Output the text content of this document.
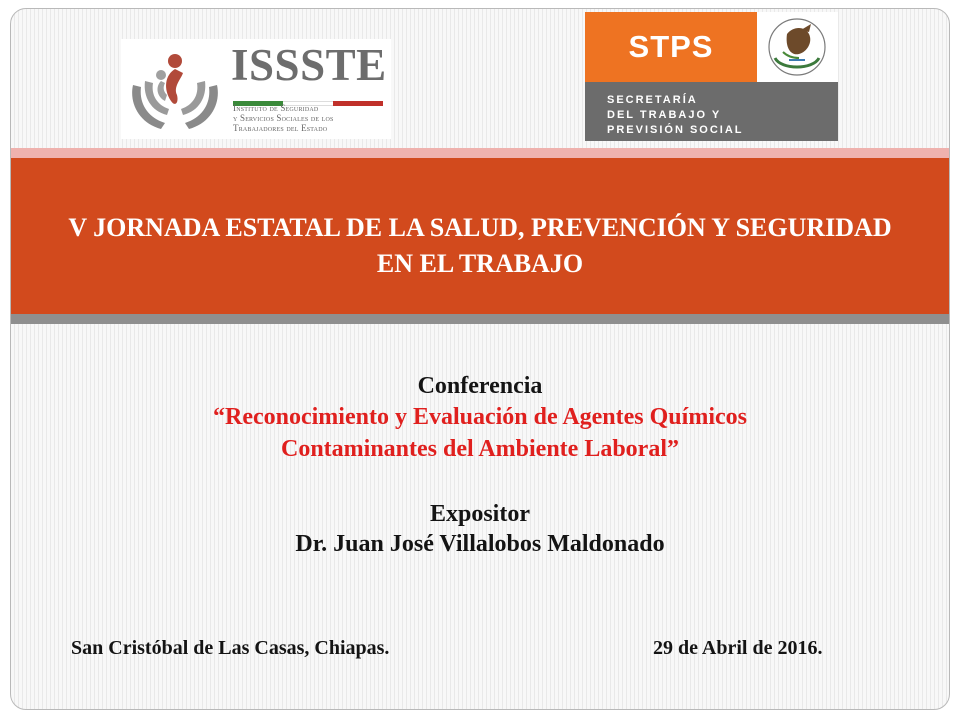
ISSSTE
Instituto de Seguridad
y Servicios Sociales de los
Trabajadores del Estado
STPS
SECRETARÍA
DEL TRABAJO Y
PREVISIÓN SOCIAL
V JORNADA ESTATAL DE LA SALUD, PREVENCIÓN Y SEGURIDAD EN EL TRABAJO
Conferencia
“Reconocimiento y Evaluación de Agentes Químicos
Contaminantes del Ambiente Laboral”
Expositor
Dr. Juan José Villalobos Maldonado
San Cristóbal de Las Casas, Chiapas.	29 de Abril de 2016.
